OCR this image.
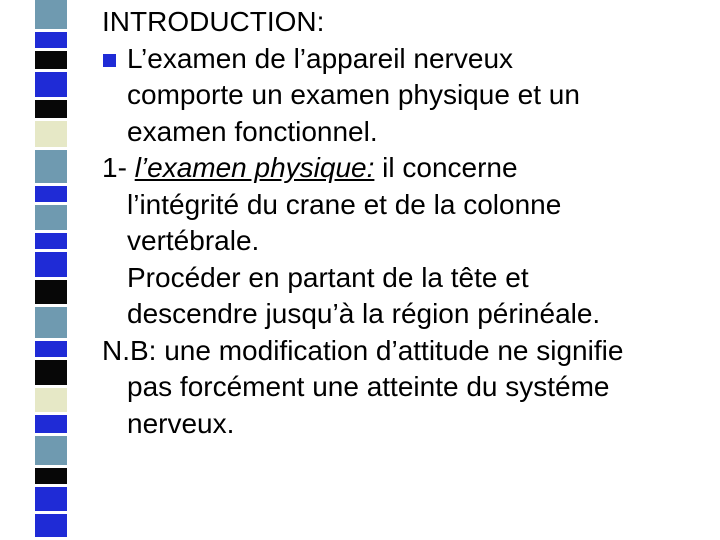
INTRODUCTION:
L’examen de l’appareil nerveux
comporte un examen physique et un
examen fonctionnel.
1- l’examen physique: il concerne
l’intégrité du crane et de la colonne
vertébrale.
Procéder en partant de la tête et
descendre jusqu’à la région périnéale.
N.B: une modification d’attitude ne signifie
pas forcément une atteinte du systéme
nerveux.
